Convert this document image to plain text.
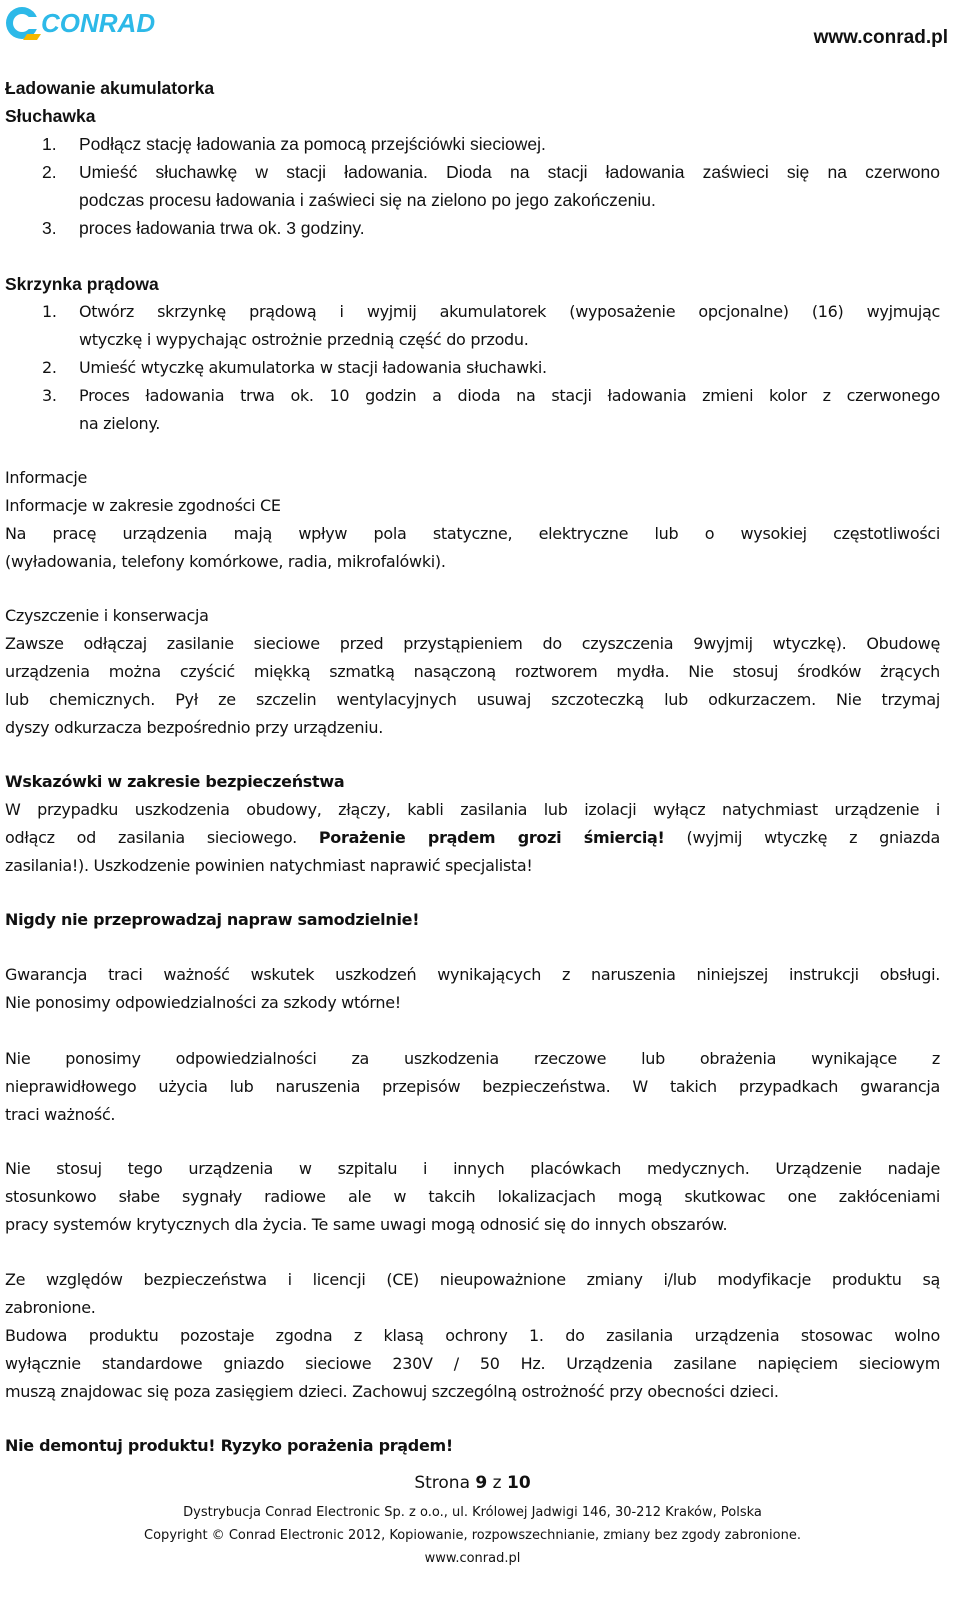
CONRAD	www.conrad.pl
Ładowanie akumulatorka
Słuchawka
1. Podłącz stację ładowania za pomocą przejściówki sieciowej.
2. Umieść słuchawkę w stacji ładowania. Dioda na stacji ładowania zaświeci się na czerwono
podczas procesu ładowania i zaświeci się na zielono po jego zakończeniu.
3. proces ładowania trwa ok. 3 godziny.
Skrzynka prądowa
1. Otwórz skrzynkę prądową i wyjmij akumulatorek (wyposażenie opcjonalne) (16) wyjmując
wtyczkę i wypychając ostrożnie przednią część do przodu.
2. Umieść wtyczkę akumulatorka w stacji ładowania słuchawki.
3. Proces ładowania trwa ok. 10 godzin a dioda na stacji ładowania zmieni kolor z czerwonego
na zielony.
Informacje
Informacje w zakresie zgodności CE
Na pracę urządzenia mają wpływ pola statyczne, elektryczne lub o wysokiej częstotliwości
(wyładowania, telefony komórkowe, radia, mikrofalówki).
Czyszczenie i konserwacja
Zawsze odłączaj zasilanie sieciowe przed przystąpieniem do czyszczenia 9wyjmij wtyczkę). Obudowę
urządzenia można czyścić miękką szmatką nasączoną roztworem mydła. Nie stosuj środków żrących
lub chemicznych. Pył ze szczelin wentylacyjnych usuwaj szczoteczką lub odkurzaczem. Nie trzymaj
dyszy odkurzacza bezpośrednio przy urządzeniu.
Wskazówki w zakresie bezpieczeństwa
W przypadku uszkodzenia obudowy, złączy, kabli zasilania lub izolacji wyłącz natychmiast urządzenie i
odłącz od zasilania sieciowego. Porażenie prądem grozi śmiercią! (wyjmij wtyczkę z gniazda
zasilania!). Uszkodzenie powinien natychmiast naprawić specjalista!
Nigdy nie przeprowadzaj napraw samodzielnie!
Gwarancja traci ważność wskutek uszkodzeń wynikających z naruszenia niniejszej instrukcji obsługi.
Nie ponosimy odpowiedzialności za szkody wtórne!
Nie ponosimy odpowiedzialności za uszkodzenia rzeczowe lub obrażenia wynikające z
nieprawidłowego użycia lub naruszenia przepisów bezpieczeństwa. W takich przypadkach gwarancja
traci ważność.
Nie stosuj tego urządzenia w szpitalu i innych placówkach medycznych. Urządzenie nadaje
stosunkowo słabe sygnały radiowe ale w takcih lokalizacjach mogą skutkowac one zakłóceniami
pracy systemów krytycznych dla życia. Te same uwagi mogą odnosić się do innych obszarów.
Ze względów bezpieczeństwa i licencji (CE) nieupoważnione zmiany i/lub modyfikacje produktu są
zabronione.
Budowa produktu pozostaje zgodna z klasą ochrony 1. do zasilania urządzenia stosowac wolno
wyłącznie standardowe gniazdo sieciowe 230V / 50 Hz. Urządzenia zasilane napięciem sieciowym
muszą znajdowac się poza zasięgiem dzieci. Zachowuj szczególną ostrożność przy obecności dzieci.
Nie demontuj produktu! Ryzyko porażenia prądem!
Strona 9 z 10
Dystrybucja Conrad Electronic Sp. z o.o., ul. Królowej Jadwigi 146, 30-212 Kraków, Polska
Copyright © Conrad Electronic 2012, Kopiowanie, rozpowszechnianie, zmiany bez zgody zabronione.
www.conrad.pl
